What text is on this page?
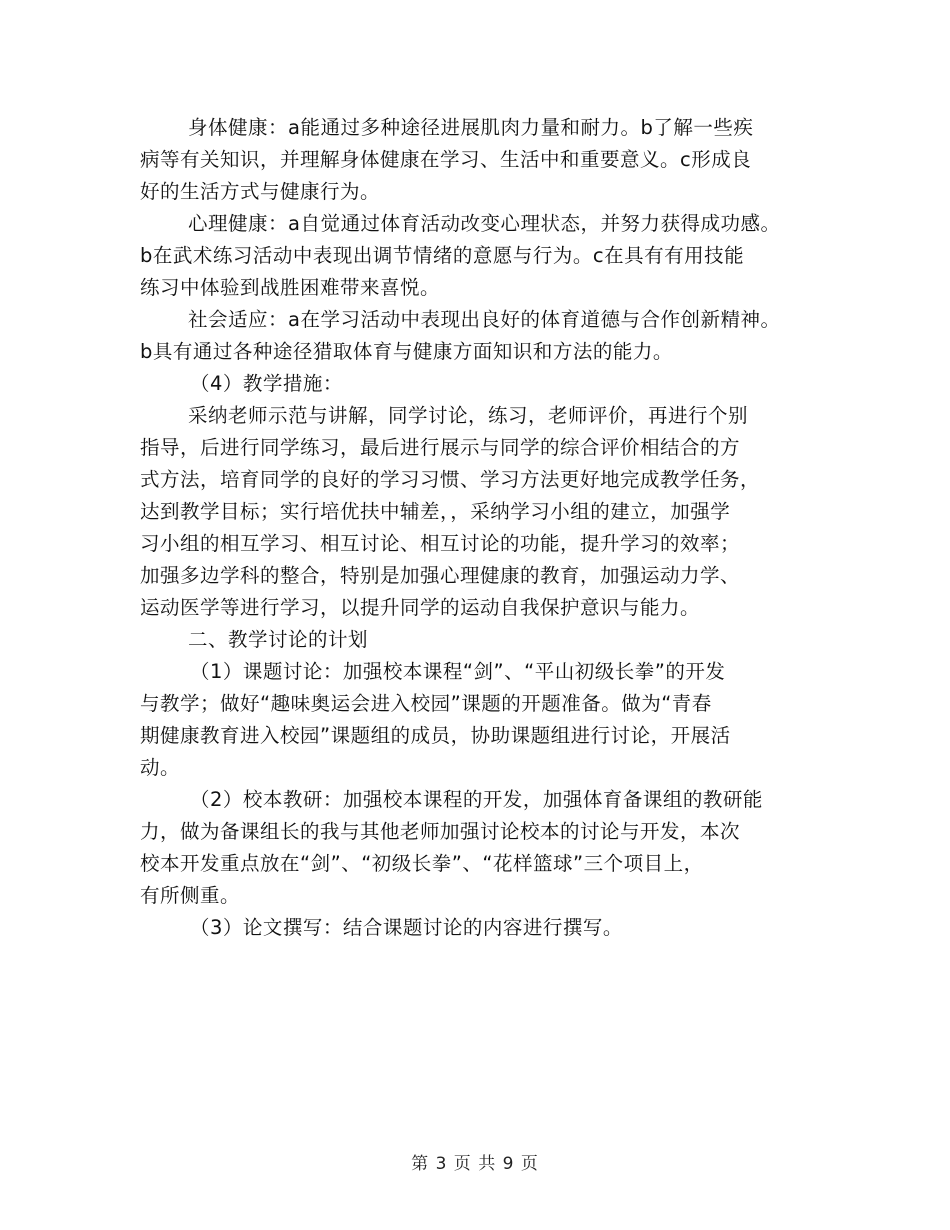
身体健康：a能通过多种途径进展肌肉力量和耐力。b了解一些疾

病等有关知识，并理解身体健康在学习、生活中和重要意义。c形成良

好的生活方式与健康行为。

心理健康：a自觉通过体育活动改变心理状态，并努力获得成功感。

b在武术练习活动中表现出调节情绪的意愿与行为。c在具有有用技能

练习中体验到战胜困难带来喜悦。

社会适应：a在学习活动中表现出良好的体育道德与合作创新精神。

b具有通过各种途径猎取体育与健康方面知识和方法的能力。

（4）教学措施：

采纳老师示范与讲解，同学讨论，练习，老师评价，再进行个别

指导，后进行同学练习，最后进行展示与同学的综合评价相结合的方

式方法，培育同学的良好的学习习惯、学习方法更好地完成教学任务，

达到教学目标；实行培优扶中辅差，，采纳学习小组的建立，加强学

习小组的相互学习、相互讨论、相互讨论的功能，提升学习的效率；

加强多边学科的整合，特别是加强心理健康的教育，加强运动力学、

运动医学等进行学习，以提升同学的运动自我保护意识与能力。

二、教学讨论的计划

（1）课题讨论：加强校本课程“剑”、“平山初级长拳”的开发

与教学；做好“趣味奥运会进入校园”课题的开题准备。做为“青春

期健康教育进入校园”课题组的成员，协助课题组进行讨论，开展活

动。

（2）校本教研：加强校本课程的开发，加强体育备课组的教研能

力，做为备课组长的我与其他老师加强讨论校本的讨论与开发，本次

校本开发重点放在“剑”、“初级长拳”、“花样篮球”三个项目上，

有所侧重。

（3）论文撰写：结合课题讨论的内容进行撰写。

第 3 页 共 9 页
